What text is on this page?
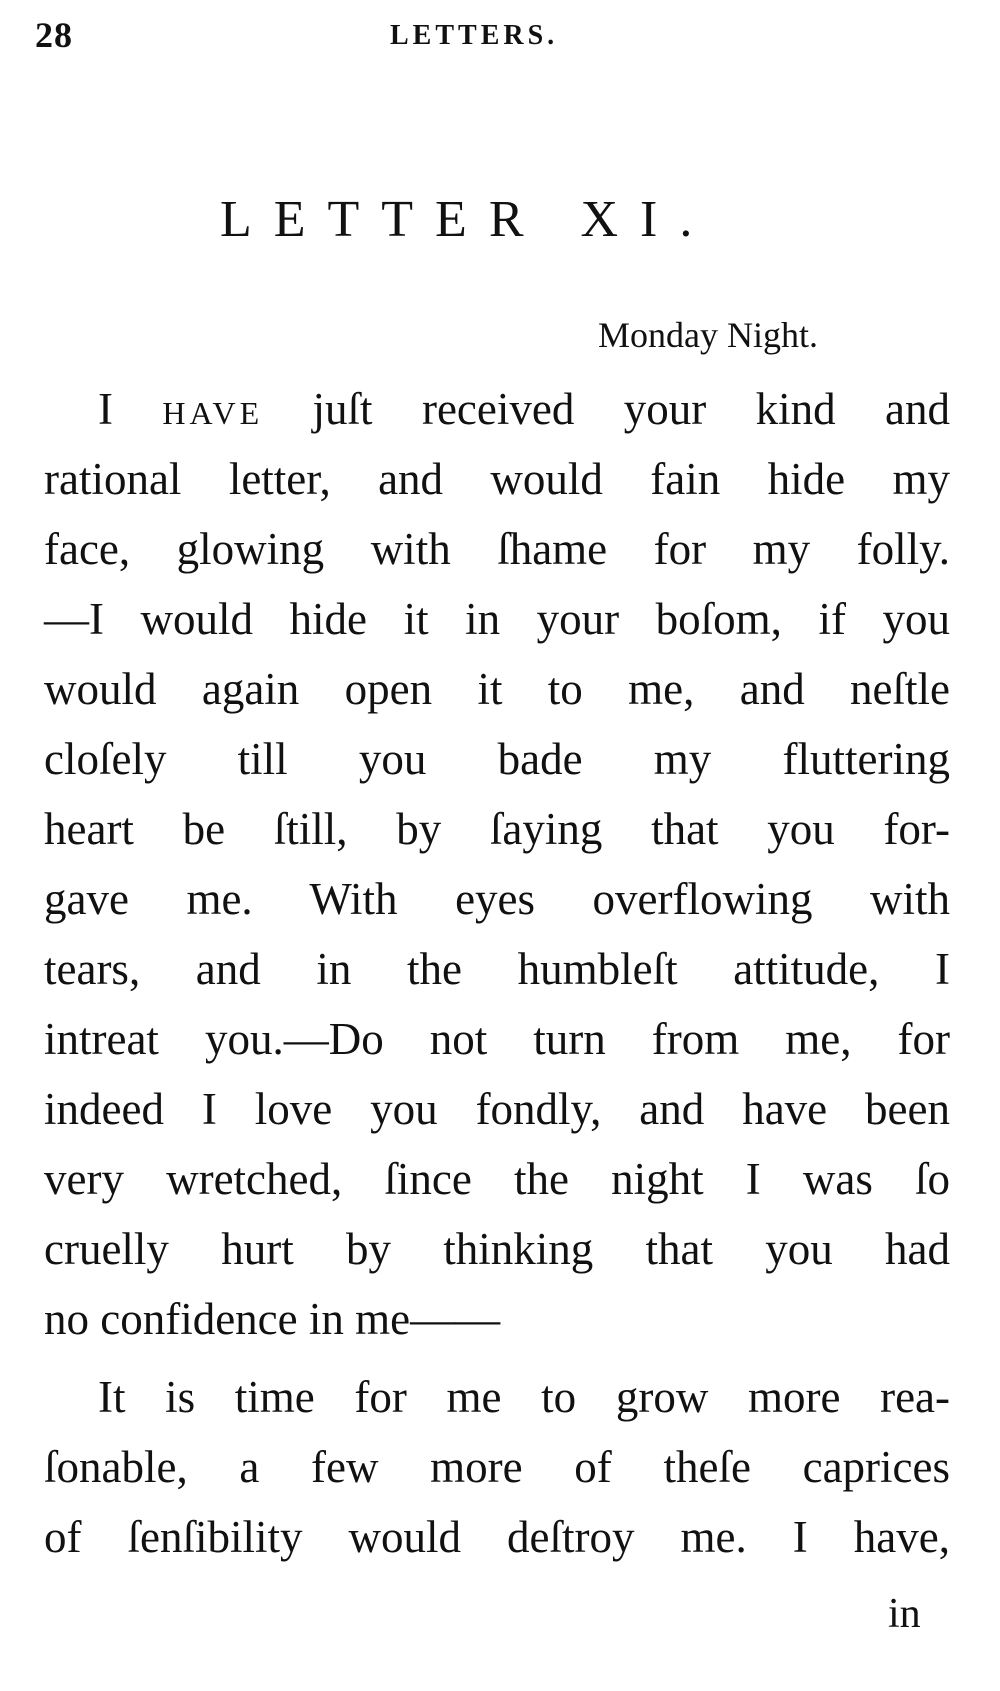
28	LETTERS.
LETTER XI.
Monday Night.
I HAVE juſt received your kind and
rational letter, and would fain hide my
face, glowing with ſhame for my folly.
—I would hide it in your boſom, if you
would again open it to me, and neſtle
cloſely till you bade my fluttering
heart be ſtill, by ſaying that you for-
gave me. With eyes overflowing with
tears, and in the humbleſt attitude, I
intreat you.—Do not turn from me, for
indeed I love you fondly, and have been
very wretched, ſince the night I was ſo
cruelly hurt by thinking that you had
no confidence in me——
It is time for me to grow more rea-
ſonable, a few more of theſe caprices
of ſenſibility would deſtroy me. I have,
in
